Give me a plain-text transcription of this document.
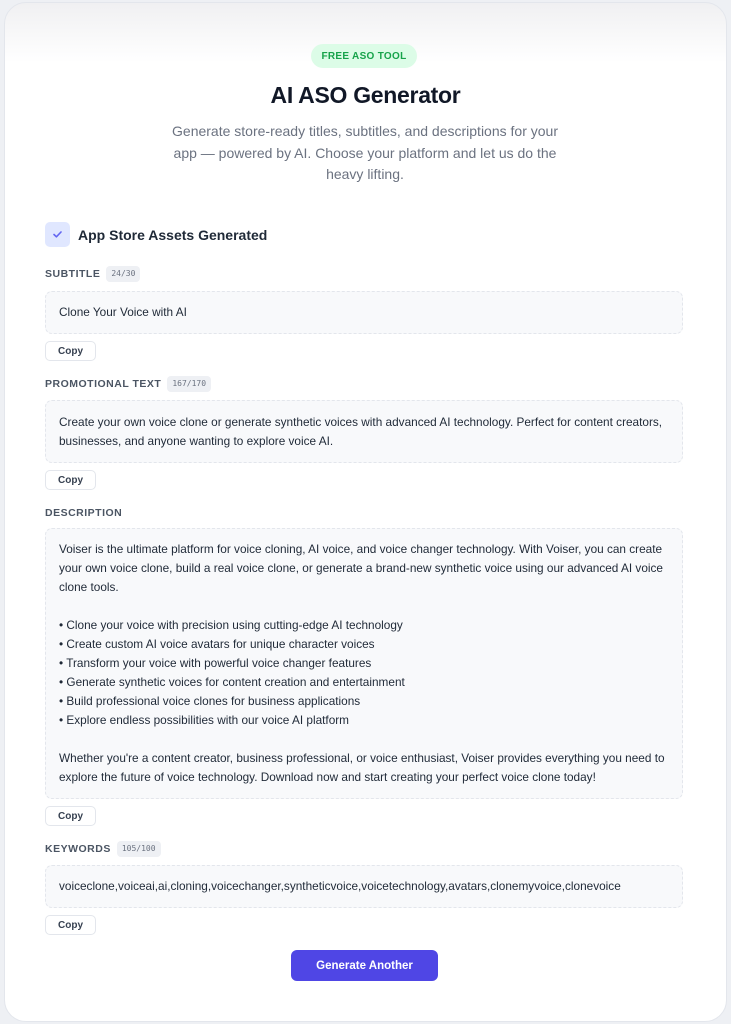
FREE ASO TOOL
AI ASO Generator

Generate store-ready titles, subtitles, and descriptions for your app — powered by AI. Choose your platform and let us do the heavy lifting.

App Store Assets Generated
SUBTITLE	24/30

Clone Your Voice with AI

Copy
PROMOTIONAL TEXT	167/170

Create your own voice clone or generate synthetic voices with advanced AI technology. Perfect for content creators, businesses, and anyone wanting to explore voice AI.

Copy
DESCRIPTION

Voiser is the ultimate platform for voice cloning, AI voice, and voice changer technology. With Voiser, you can create your own voice clone, build a real voice clone, or generate a brand-new synthetic voice using our advanced AI voice clone tools.

• Clone your voice with precision using cutting-edge AI technology

• Create custom AI voice avatars for unique character voices

• Transform your voice with powerful voice changer features

• Generate synthetic voices for content creation and entertainment

• Build professional voice clones for business applications

• Explore endless possibilities with our voice AI platform

Whether you're a content creator, business professional, or voice enthusiast, Voiser provides everything you need to explore the future of voice technology. Download now and start creating your perfect voice clone today!

Copy
KEYWORDS	105/100

voiceclone,voiceai,ai,cloning,voicechanger,syntheticvoice,voicetechnology,avatars,clonemyvoice,clonevoice

Copy
Generate Another
